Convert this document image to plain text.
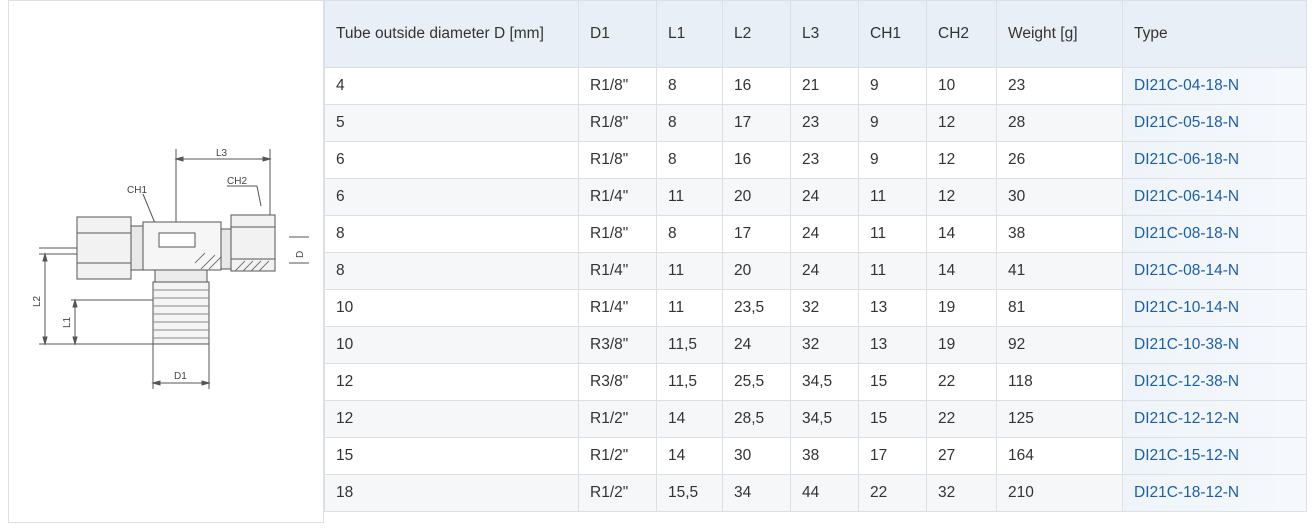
L3
CH1
CH2
L2
L1
D1
D
Tube outside diameter D [mm]	D1	L1	L2	L3	CH1	CH2	Weight [g]	Type
4	R1/8"	8	16	21	9	10	23	DI21C-04-18-N
5	R1/8"	8	17	23	9	12	28	DI21C-05-18-N
6	R1/8"	8	16	23	9	12	26	DI21C-06-18-N
6	R1/4"	11	20	24	11	12	30	DI21C-06-14-N
8	R1/8"	8	17	24	11	14	38	DI21C-08-18-N
8	R1/4"	11	20	24	11	14	41	DI21C-08-14-N
10	R1/4"	11	23,5	32	13	19	81	DI21C-10-14-N
10	R3/8"	11,5	24	32	13	19	92	DI21C-10-38-N
12	R3/8"	11,5	25,5	34,5	15	22	118	DI21C-12-38-N
12	R1/2"	14	28,5	34,5	15	22	125	DI21C-12-12-N
15	R1/2"	14	30	38	17	27	164	DI21C-15-12-N
18	R1/2"	15,5	34	44	22	32	210	DI21C-18-12-N
